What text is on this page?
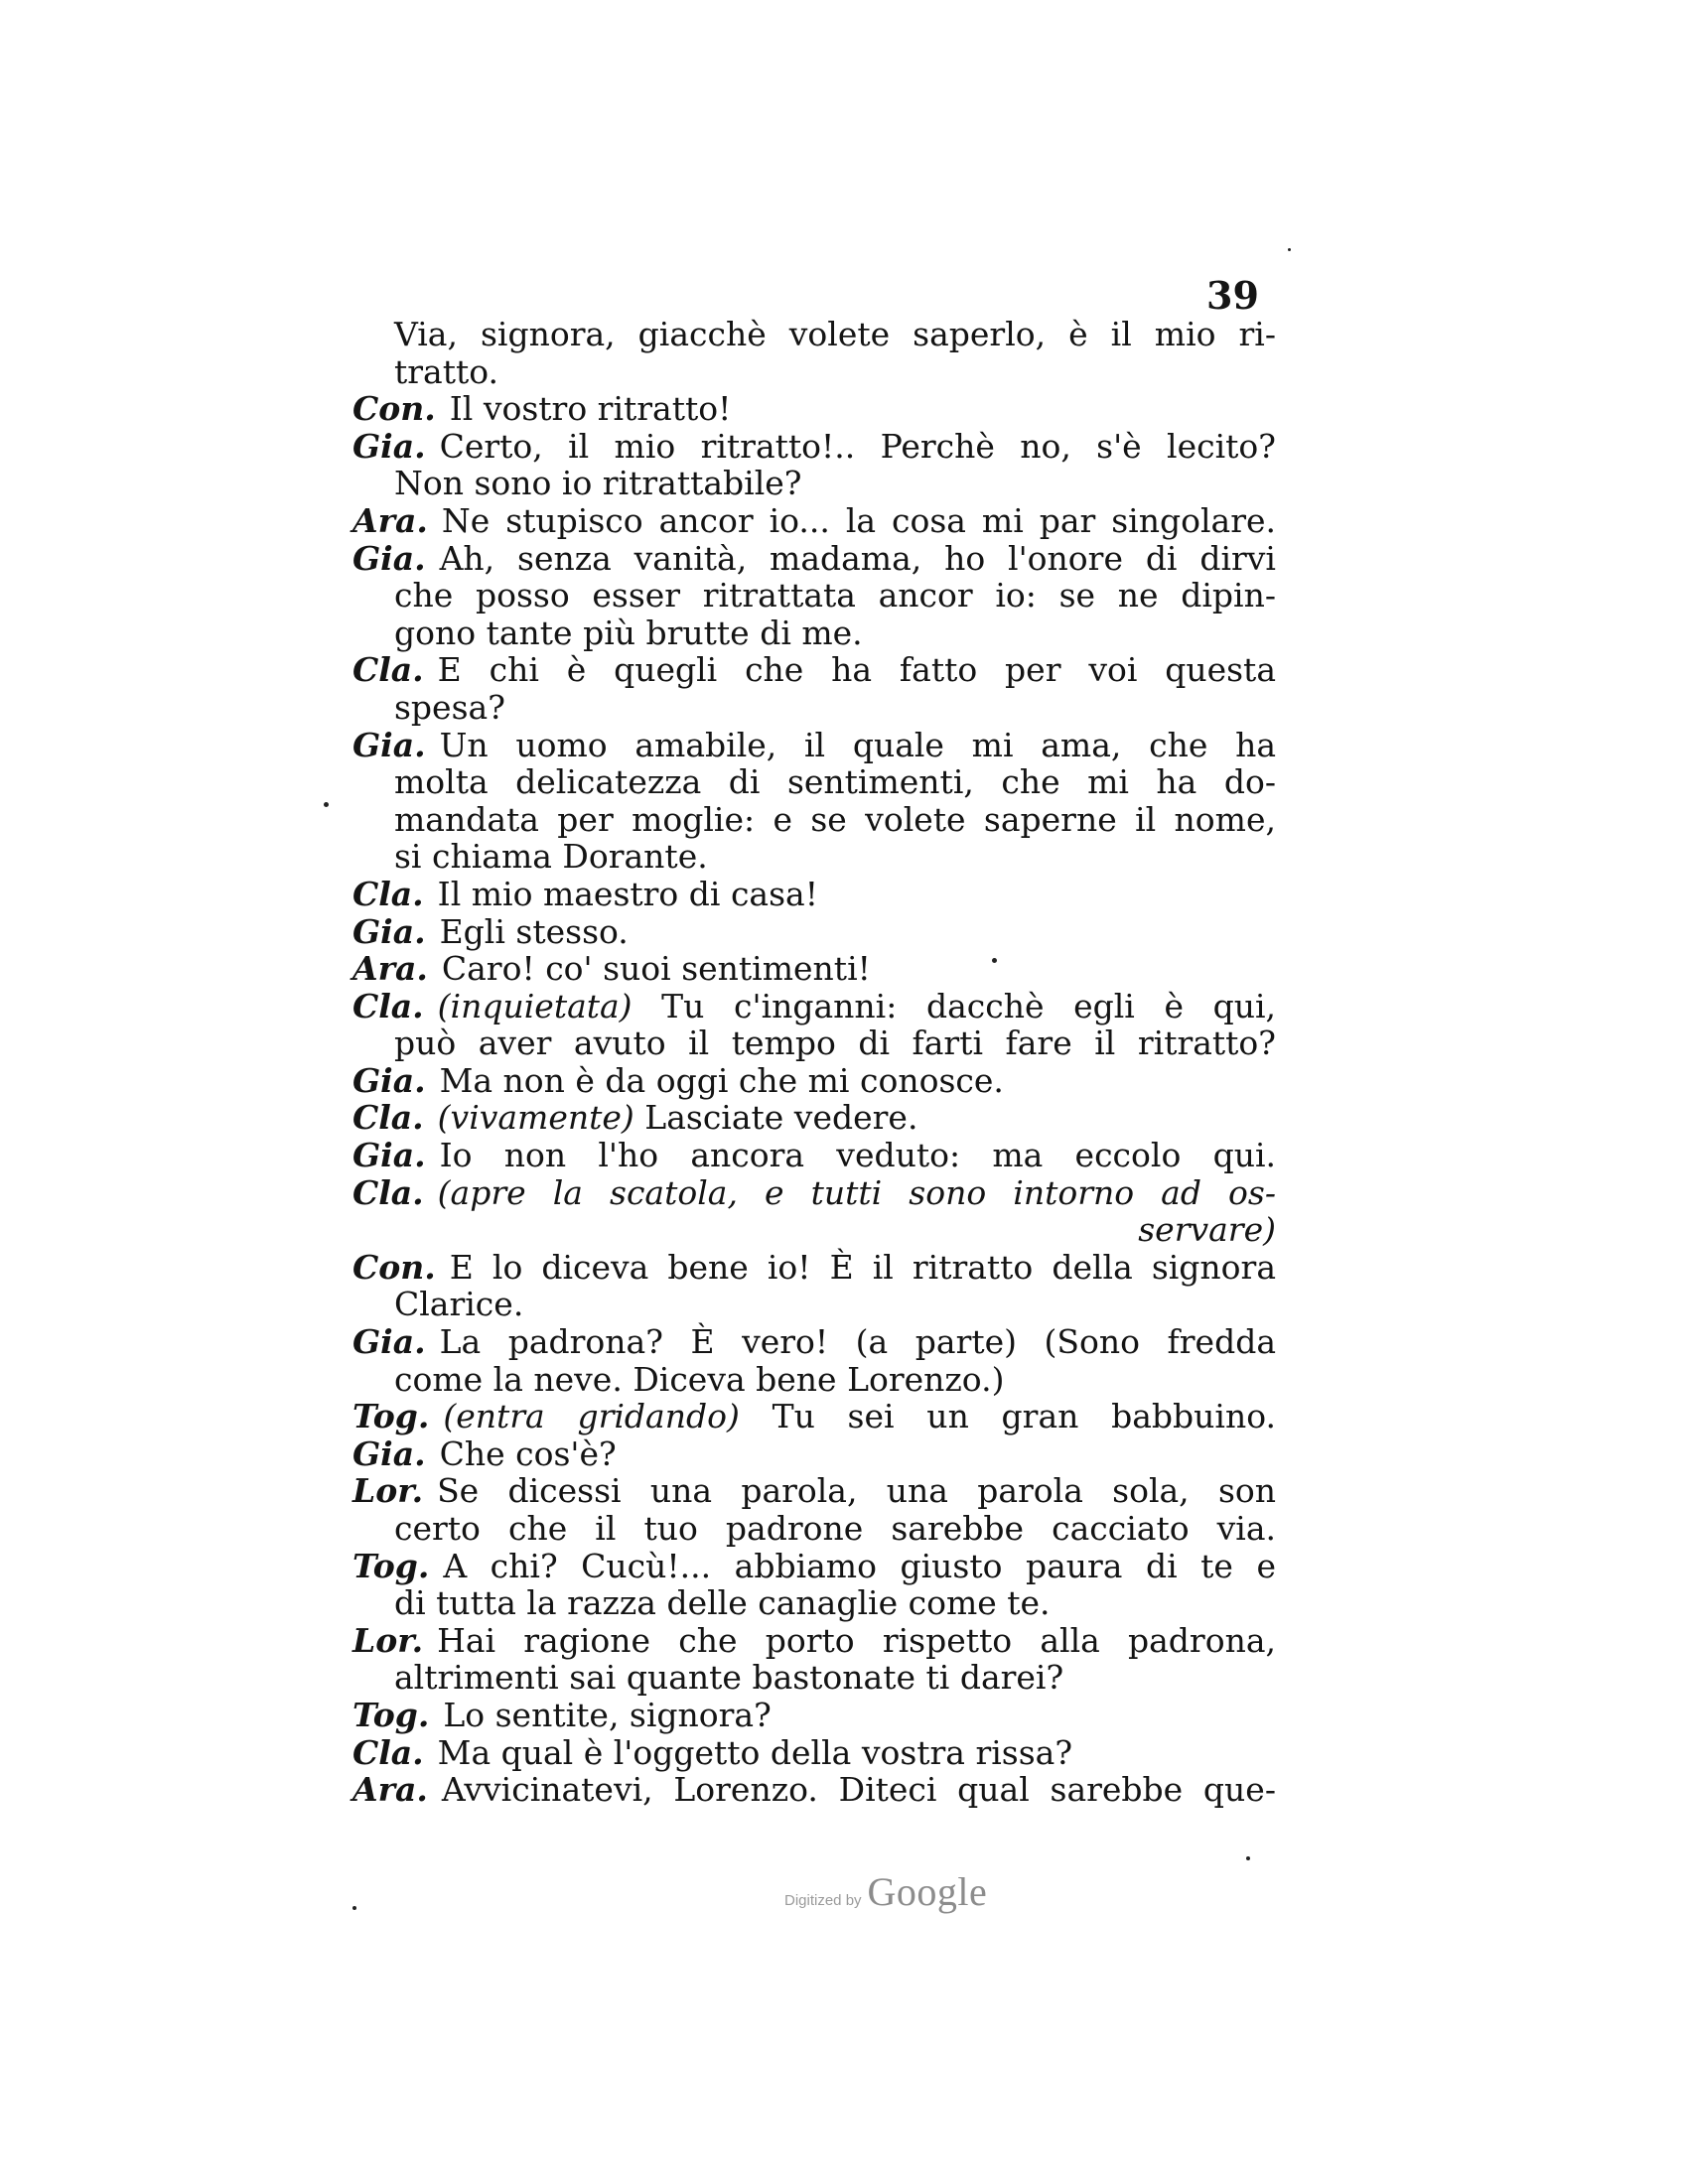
39
Via, signora, giacchè volete saperlo, è il mio ri-
tratto.
Con. Il vostro ritratto!
Gia. Certo, il mio ritratto!.. Perchè no, s'è lecito?
Non sono io ritrattabile?
Ara. Ne stupisco ancor io... la cosa mi par singolare.
Gia. Ah, senza vanità, madama, ho l'onore di dirvi
che posso esser ritrattata ancor io: se ne dipin-
gono tante più brutte di me.
Cla. E chi è quegli che ha fatto per voi questa
spesa?
Gia. Un uomo amabile, il quale mi ama, che ha
molta delicatezza di sentimenti, che mi ha do-
mandata per moglie: e se volete saperne il nome,
si chiama Dorante.
Cla. Il mio maestro di casa!
Gia. Egli stesso.
Ara. Caro! co' suoi sentimenti!
Cla. (inquietata) Tu c'inganni: dacchè egli è qui,
può aver avuto il tempo di farti fare il ritratto?
Gia. Ma non è da oggi che mi conosce.
Cla. (vivamente) Lasciate vedere.
Gia. Io non l'ho ancora veduto: ma eccolo qui.
Cla. (apre la scatola, e tutti sono intorno ad os-
servare)
Con. E lo diceva bene io! È il ritratto della signora
Clarice.
Gia. La padrona? È vero! (a parte) (Sono fredda
come la neve. Diceva bene Lorenzo.)
Tog. (entra gridando) Tu sei un gran babbuino.
Gia. Che cos'è?
Lor. Se dicessi una parola, una parola sola, son
certo che il tuo padrone sarebbe cacciato via.
Tog. A chi? Cucù!... abbiamo giusto paura di te e
di tutta la razza delle canaglie come te.
Lor. Hai ragione che porto rispetto alla padrona,
altrimenti sai quante bastonate ti darei?
Tog. Lo sentite, signora?
Cla. Ma qual è l'oggetto della vostra rissa?
Ara. Avvicinatevi, Lorenzo. Diteci qual sarebbe que-
Digitized by Google
